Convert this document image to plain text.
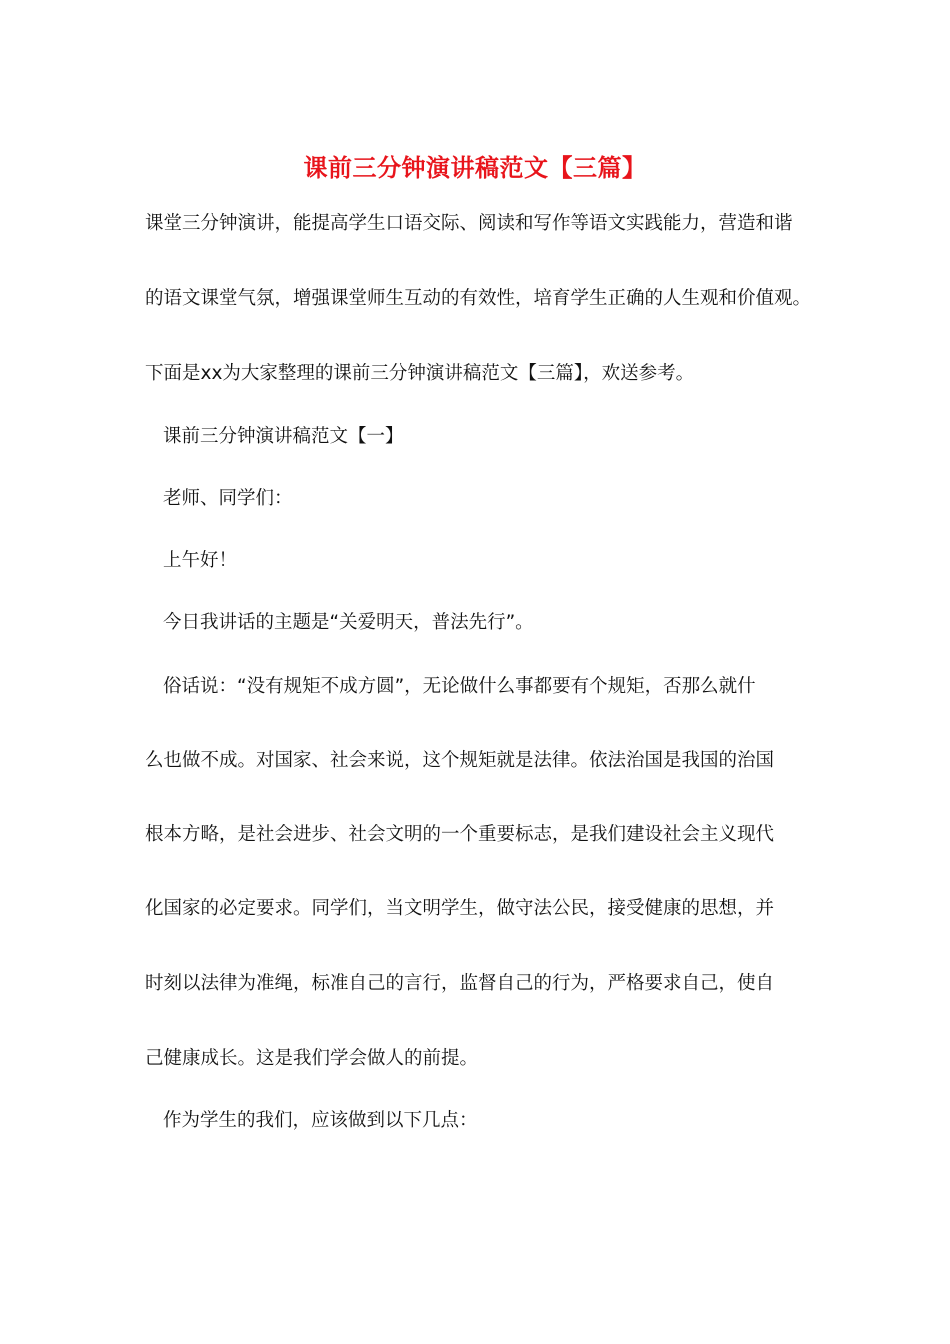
课前三分钟演讲稿范文【三篇】
课堂三分钟演讲，能提高学生口语交际、阅读和写作等语文实践能力，营造和谐
的语文课堂气氛，增强课堂师生互动的有效性，培育学生正确的人生观和价值观。
下面是xx为大家整理的课前三分钟演讲稿范文【三篇】，欢送参考。
课前三分钟演讲稿范文【一】
老师、同学们：
上午好！
今日我讲话的主题是“关爱明天，普法先行”。
俗话说：“没有规矩不成方圆”，无论做什么事都要有个规矩，否那么就什
么也做不成。对国家、社会来说，这个规矩就是法律。依法治国是我国的治国
根本方略，是社会进步、社会文明的一个重要标志，是我们建设社会主义现代
化国家的必定要求。同学们，当文明学生，做守法公民，接受健康的思想，并
时刻以法律为准绳，标准自己的言行，监督自己的行为，严格要求自己，使自
己健康成长。这是我们学会做人的前提。
作为学生的我们，应该做到以下几点：
